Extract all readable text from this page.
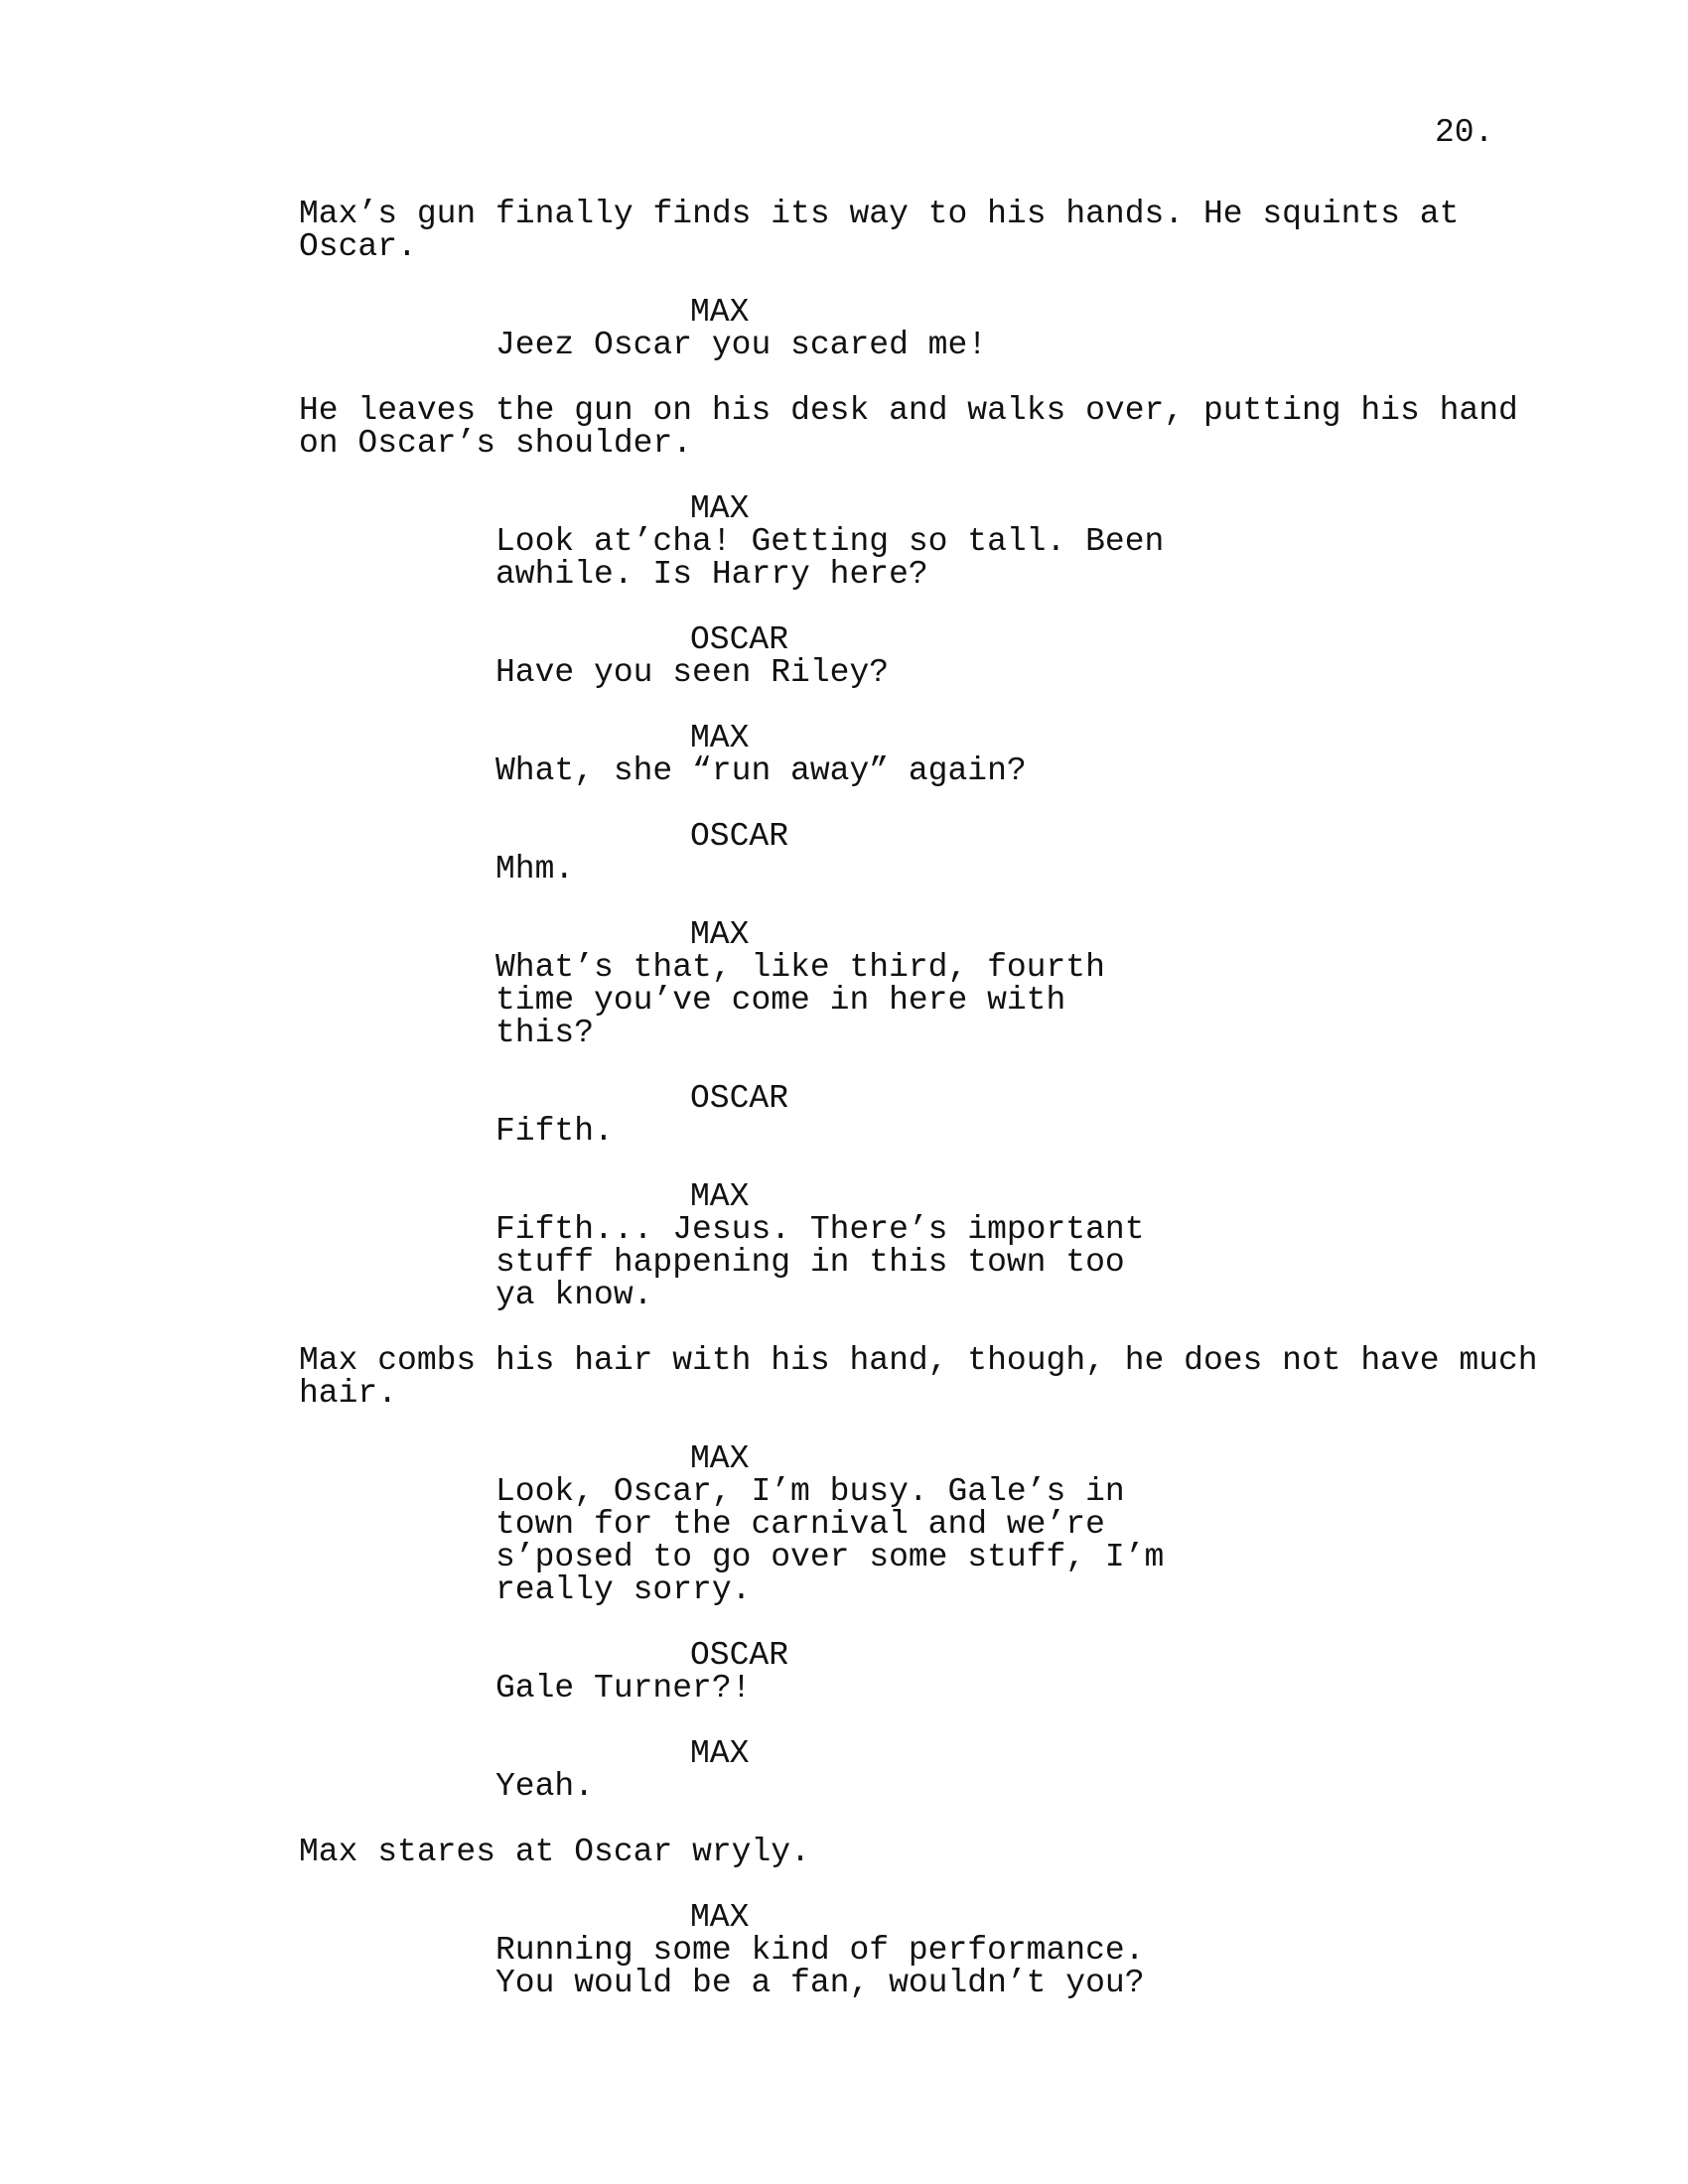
20.

Max’s gun finally finds its way to his hands. He squints at
Oscar.

MAX

Jeez Oscar you scared me!

He leaves the gun on his desk and walks over, putting his hand
on Oscar’s shoulder.

MAX

Look at’cha! Getting so tall. Been
awhile. Is Harry here?

OSCAR

Have you seen Riley?

MAX

What, she “run away” again?

OSCAR

Mhm.

MAX

What’s that, like third, fourth
time you’ve come in here with
this?

OSCAR

Fifth.

MAX

Fifth... Jesus. There’s important
stuff happening in this town too
ya know.

Max combs his hair with his hand, though, he does not have much
hair.

MAX

Look, Oscar, I’m busy. Gale’s in
town for the carnival and we’re
s’posed to go over some stuff, I’m
really sorry.

OSCAR

Gale Turner?!

MAX

Yeah.

Max stares at Oscar wryly.

MAX

Running some kind of performance.
You would be a fan, wouldn’t you?
